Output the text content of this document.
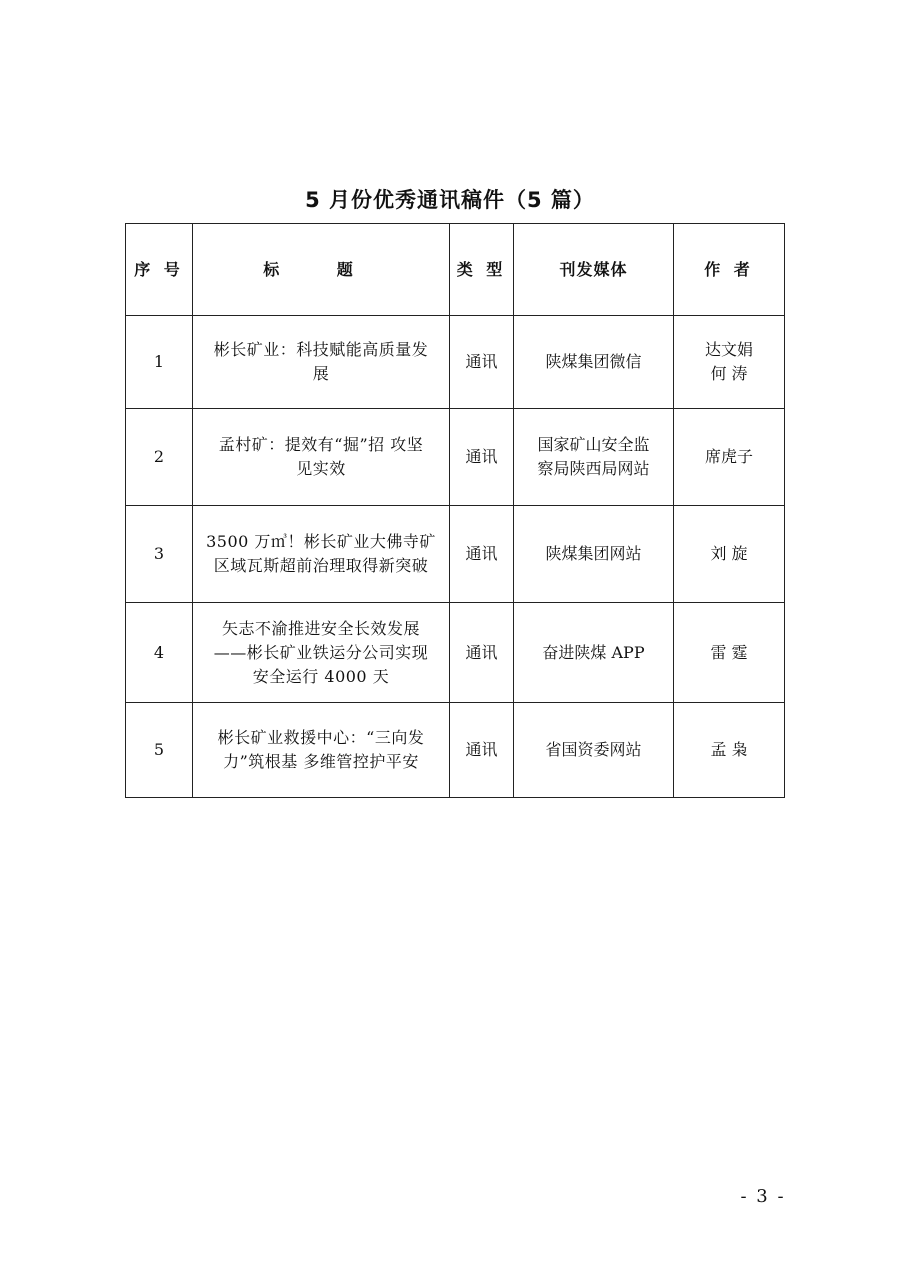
5 月份优秀通讯稿件（5 篇）
序 号	标 题	类 型	刊发媒体	作 者
1	彬长矿业：科技赋能高质量发
展	通讯	陕煤集团微信	达文娟
何 涛

2	孟村矿：提效有“掘”招 攻坚
见实效	通讯	国家矿山安全监
察局陕西局网站	席虎子

3	3500 万㎥！彬长矿业大佛寺矿
区域瓦斯超前治理取得新突破	通讯	陕煤集团网站	刘 旋

4	矢志不渝推进安全长效发展
——彬长矿业铁运分公司实现
安全运行 4000 天	通讯	奋进陕煤 APP	雷 霆

5	彬长矿业救援中心：“三向发
力”筑根基 多维管控护平安	通讯	省国资委网站	孟 枭
- 3 -
